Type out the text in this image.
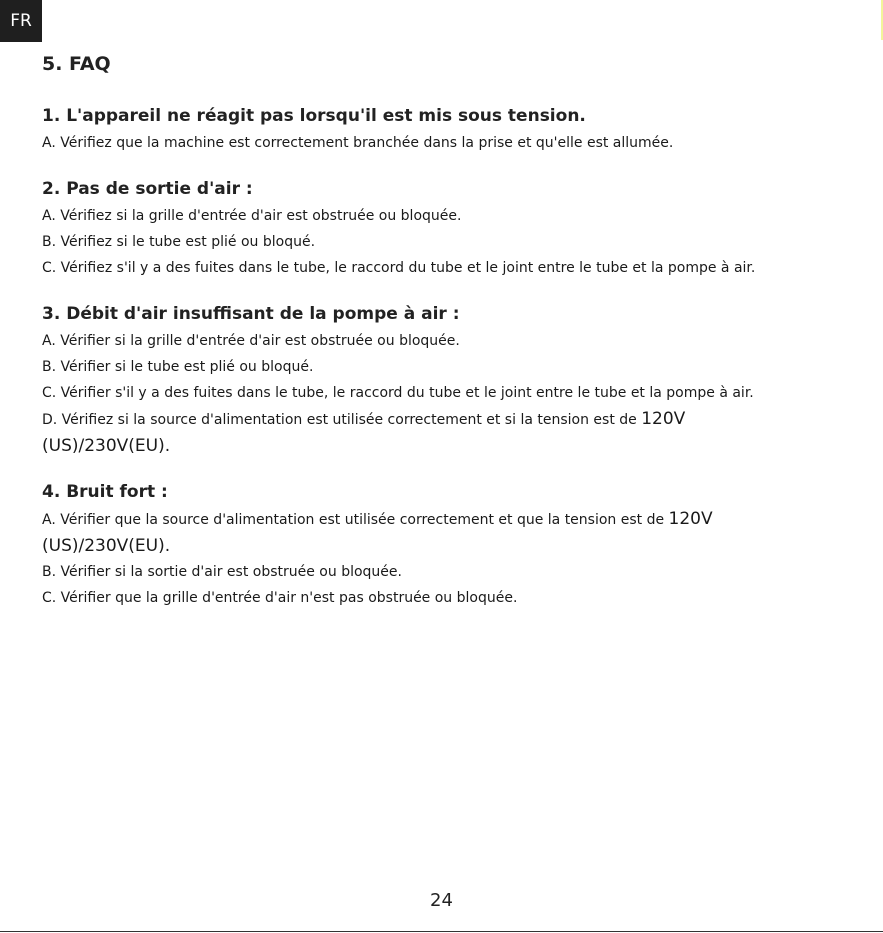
FR
5. FAQ
1. L'appareil ne réagit pas lorsqu'il est mis sous tension.

A. Vérifiez que la machine est correctement branchée dans la prise et qu'elle est allumée.

2. Pas de sortie d'air :

A. Vérifiez si la grille d'entrée d'air est obstruée ou bloquée.

B. Vérifiez si le tube est plié ou bloqué.

C. Vérifiez s'il y a des fuites dans le tube, le raccord du tube et le joint entre le tube et la pompe à air.

3. Débit d'air insuffisant de la pompe à air :

A. Vérifier si la grille d'entrée d'air est obstruée ou bloquée.

B. Vérifier si le tube est plié ou bloqué.

C. Vérifier s'il y a des fuites dans le tube, le raccord du tube et le joint entre le tube et la pompe à air.

D. Vérifiez si la source d'alimentation est utilisée correctement et si la tension est de 120V

(US)/230V(EU).

4. Bruit fort :

A. Vérifier que la source d'alimentation est utilisée correctement et que la tension est de 120V

(US)/230V(EU).

B. Vérifier si la sortie d'air est obstruée ou bloquée.

C. Vérifier que la grille d'entrée d'air n'est pas obstruée ou bloquée.

24
